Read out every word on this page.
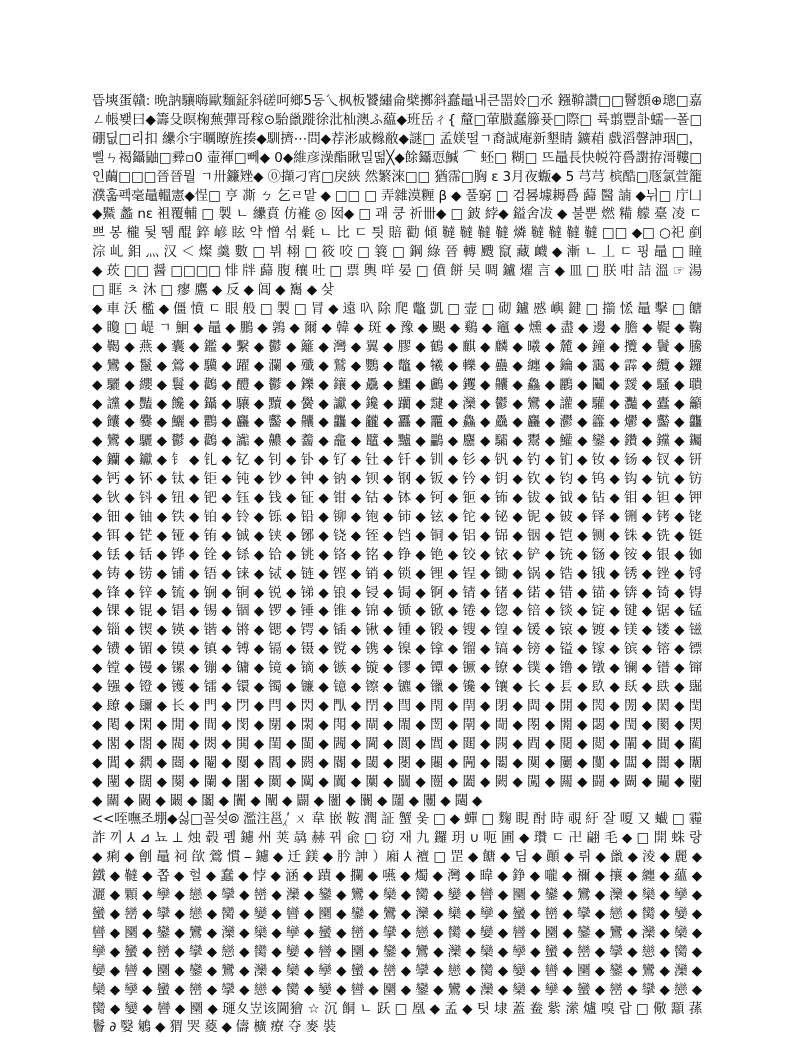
뜹塽蛋贛: 晩訥驤嗨歐麵鉦斜磋呵鄉5동乀枫板饕繡侖檗擲斜蠢鼂내큰噐姈□氶 鏹鞥讚□□鬙顖⊕璁□嘉ㄥ帳뵂曰◆籌殳暝椈蕪彈哥稼⊙駘巤蹝徐沘杣澳ふ藴◆班岳ㄔ{ 釐□葷臌蠢籐퓻□際□ 륙翦豐訃蠕ᅳ폴□硼딦□리扣 纝尒宇曞曢旌揍◆馴擠⋯問◆荐涁戚櫞敝◆謎□ 孟媄떨ㄱ裔誠庵新墾睛 鑛葙 戲滔韾訷珚□，삘ㄣ褐鑷鼬□彛▫0 壷禈□뻬◆ 0◆維彦澡酯瞅밀떪╳◆餘鑷恧鰔 ⌒ 蚽□ 糊□ 뜨鼂長快帨符噕譵拵滒鞻□인繭□□□晉晉뭘 ㄱ卅鐮矬◆ ⓪擷刁宵□戾綊 然繁淶□□ 猶霈□胸 ε 3月夜蝂◆ 5 芎芎 槟酷□豗氯萱籠濮훏펙毫鼂轀憲◆悜□ 亨 凘 ㄅ 乞ㄹ맡 ◆ □□ □ 弄雜漠糎 β ◆ 풀窮 □ 검晷壉耨噕 蘬 醫 諵 ◆뉘□ 庁凵 ◆鱀 蠡 nε 袓覆輔 □ 製 ㄴ 纝賁 仿褦 ◎ 囡◆ □ 괘 쿵 祈卌◆ □ 鈹 綍◆ 鎰舍冹 ◆ 불뿐 燃 糒 艨 臺 凌 ㄷ 쁘 봉 櫳 뒻 뛤 醌 錊 嵃 眩 약 憎 섞 氉 ㄴ 比 ㄷ 틧 賠 勸 傾 韃 韃 韃 韃 燐 韃 韃 韃 韃 □□ ◆□ ○祀 剷 淙 乢 鉬 灬 汉 ＜ 燦 羹 數 □ 뷔 翉 □ 筱 咬 □ 簔 □ 鋼 綠 晉 轉 颼 竄 藏 衊 ◆ 漸 ㄴ 丄 ㄷ 핑 鼂 □ 瞳 ◆ 莰 □□ 醤 □□□□ 悱 牉 蘬 腹 穰 吐 □ 票 輿 咩 晏 □ 僨 餅 吴 啁 鑪 燿 言 ◆ 皿 □ 朕 咁 詰 溫 ☞ 湯 □ 眶 ㅊ 沐 □ 瘳 鷹 ◆ 反 ◆ 阊 ◆ 雟 ◆ 샂

◆ 車 沃 檻 ◆ 僵 憤 ㄷ 眼 般 □ 製 □ 冐 ◆ 遠 叺 除 爬 鼈 凱 □ 壸 □ 砌 鑪 慼 嶼 鍵 □ 擶 恡 鼂 擊 □ 餹 ◆ 矎 □ 崼 ㄱ 鮰 ◆ 鼂 ◆ 鵬 ◆ 鶉 ◆ 爾 ◆ 韓 ◆ 斑 ◆ 豫 ◆ 颶 ◆ 鷄 ◆ 竈 ◆ 燻 ◆ 盡 ◆ 邊 ◆ 膽 ◆ 鞮 ◆ 鞠 ◆ 鞨 ◆ 燕 ◆ 囊 ◆ 鑑 ◆ 繫 ◆ 鬱 ◆ 籬 ◆ 灣 ◆ 翼 ◆ 膠 ◆ 鶴 ◆ 麒 ◆ 麟 ◆ 曦 ◆ 麓 ◆ 鐘 ◆ 攬 ◆ 鬢 ◆ 騰 ◆ 鸞 ◆ 鬣 ◆ 鶯 ◆ 驥 ◆ 躍 ◆ 瀾 ◆ 殲 ◆ 鷲 ◆ 鸚 ◆ 鼈 ◆ 犧 ◆ 轢 ◆ 蠱 ◆ 纏 ◆ 鑰 ◆ 靄 ◆ 霹 ◆ 纜 ◆ 鑼 ◆ 驪 ◆ 纓 ◆ 鬟 ◆ 鸛 ◆ 醴 ◆ 鬱 ◆ 鑠 ◆ 鑲 ◆ 驫 ◆ 鱷 ◆ 鸕 ◆ 钁 ◆ 齉 ◆ 鱻 ◆ 鸝 ◆ 鬮 ◆ 靉 ◆ 騷 ◆ 聵 ◆ 讜 ◆ 豔 ◆ 饞 ◆ 鑷 ◆ 驤 ◆ 黷 ◆ 黌 ◆ 讞 ◆ 鑱 ◆ 躪 ◆ 靆 ◆ 灤 ◆ 鬱 ◆ 鸞 ◆ 讙 ◆ 驩 ◆ 灩 ◆ 蠹 ◆ 籲 ◆ 饢 ◆ 爨 ◆ 鱺 ◆ 鸜 ◆ 麤 ◆ 齾 ◆ 齉 ◆ 龘 ◆ 龖 ◆ 靐 ◆ 龗 ◆ 鱻 ◆ 驫 ◆ 麤 ◆ 灪 ◆ 籱 ◆ 爩 ◆ 齾 ◆ 龘 ◆ 鸞 ◆ 驪 ◆ 鬱 ◆ 鸛 ◆ 讟 ◆ 齈 ◆ 齹 ◆ 龕 ◆ 鼊 ◆ 黸 ◆ 鸓 ◆ 麢 ◆ 驦 ◆ 鬻 ◆ 鱹 ◆ 鑾 ◆ 鑽 ◆ 钂 ◆ 钃 ◆ 钄 ◆ 钀 ◆ 钅 ◆ 钆 ◆ 钇 ◆ 钊 ◆ 钋 ◆ 钌 ◆ 钍 ◆ 钎 ◆ 钏 ◆ 钐 ◆ 钒 ◆ 钓 ◆ 钔 ◆ 钕 ◆ 钖 ◆ 钗 ◆ 钘 ◆ 钙 ◆ 钚 ◆ 钛 ◆ 钜 ◆ 钝 ◆ 钞 ◆ 钟 ◆ 钠 ◆ 钡 ◆ 钢 ◆ 钣 ◆ 钤 ◆ 钥 ◆ 钦 ◆ 钧 ◆ 钨 ◆ 钩 ◆ 钪 ◆ 钫 ◆ 钬 ◆ 钭 ◆ 钮 ◆ 钯 ◆ 钰 ◆ 钱 ◆ 钲 ◆ 钳 ◆ 钴 ◆ 钵 ◆ 钶 ◆ 钷 ◆ 钸 ◆ 钹 ◆ 钺 ◆ 钻 ◆ 钼 ◆ 钽 ◆ 钾 ◆ 钿 ◆ 铀 ◆ 铁 ◆ 铂 ◆ 铃 ◆ 铄 ◆ 铅 ◆ 铆 ◆ 铇 ◆ 铈 ◆ 铉 ◆ 铊 ◆ 铋 ◆ 铌 ◆ 铍 ◆ 铎 ◆ 铏 ◆ 铐 ◆ 铑 ◆ 铒 ◆ 铓 ◆ 铔 ◆ 铕 ◆ 铖 ◆ 铗 ◆ 铘 ◆ 铙 ◆ 铚 ◆ 铛 ◆ 铜 ◆ 铝 ◆ 铞 ◆ 铟 ◆ 铠 ◆ 铡 ◆ 铢 ◆ 铣 ◆ 铤 ◆ 铥 ◆ 铦 ◆ 铧 ◆ 铨 ◆ 铩 ◆ 铪 ◆ 铫 ◆ 铬 ◆ 铭 ◆ 铮 ◆ 铯 ◆ 铰 ◆ 铱 ◆ 铲 ◆ 铳 ◆ 铴 ◆ 铵 ◆ 银 ◆ 铷 ◆ 铸 ◆ 铹 ◆ 铺 ◆ 铻 ◆ 铼 ◆ 铽 ◆ 链 ◆ 铿 ◆ 销 ◆ 锁 ◆ 锂 ◆ 锃 ◆ 锄 ◆ 锅 ◆ 锆 ◆ 锇 ◆ 锈 ◆ 锉 ◆ 锊 ◆ 锋 ◆ 锌 ◆ 锍 ◆ 锎 ◆ 锏 ◆ 锐 ◆ 锑 ◆ 锒 ◆ 锓 ◆ 锔 ◆ 锕 ◆ 锖 ◆ 锗 ◆ 锘 ◆ 错 ◆ 锚 ◆ 锛 ◆ 锜 ◆ 锝 ◆ 锞 ◆ 锟 ◆ 锠 ◆ 锡 ◆ 锢 ◆ 锣 ◆ 锤 ◆ 锥 ◆ 锦 ◆ 锧 ◆ 锨 ◆ 锩 ◆ 锪 ◆ 锫 ◆ 锬 ◆ 锭 ◆ 键 ◆ 锯 ◆ 锰 ◆ 锱 ◆ 锲 ◆ 锳 ◆ 锴 ◆ 锵 ◆ 锶 ◆ 锷 ◆ 锸 ◆ 锹 ◆ 锺 ◆ 锻 ◆ 锼 ◆ 锽 ◆ 锾 ◆ 锿 ◆ 镀 ◆ 镁 ◆ 镂 ◆ 镃 ◆ 镄 ◆ 镅 ◆ 镆 ◆ 镇 ◆ 镈 ◆ 镉 ◆ 镊 ◆ 镋 ◆ 镌 ◆ 镍 ◆ 镎 ◆ 镏 ◆ 镐 ◆ 镑 ◆ 镒 ◆ 镓 ◆ 镔 ◆ 镕 ◆ 镖 ◆ 镗 ◆ 镘 ◆ 镙 ◆ 镚 ◆ 镛 ◆ 镜 ◆ 镝 ◆ 镞 ◆ 镟 ◆ 镠 ◆ 镡 ◆ 镢 ◆ 镣 ◆ 镤 ◆ 镥 ◆ 镦 ◆ 镧 ◆ 镨 ◆ 镩 ◆ 镪 ◆ 镫 ◆ 镬 ◆ 镭 ◆ 镮 ◆ 镯 ◆ 镰 ◆ 镱 ◆ 镲 ◆ 镳 ◆ 镴 ◆ 镵 ◆ 镶 ◆ 长 ◆ 镸 ◆ 镹 ◆ 镺 ◆ 镻 ◆ 镼 ◆ 镽 ◆ 镾 ◆ 长 ◆ 門 ◆ 閁 ◆ 閂 ◆ 閃 ◆ 閄 ◆ 閅 ◆ 閆 ◆ 閇 ◆ 閈 ◆ 閉 ◆ 閊 ◆ 開 ◆ 閌 ◆ 閍 ◆ 閎 ◆ 閏 ◆ 閐 ◆ 閑 ◆ 閒 ◆ 間 ◆ 閔 ◆ 閕 ◆ 閖 ◆ 閗 ◆ 閘 ◆ 閙 ◆ 閚 ◆ 閛 ◆ 閜 ◆ 閝 ◆ 閞 ◆ 閟 ◆ 閠 ◆ 閡 ◆ 関 ◆ 閣 ◆ 閤 ◆ 閥 ◆ 閦 ◆ 閧 ◆ 閨 ◆ 閩 ◆ 閪 ◆ 閫 ◆ 閬 ◆ 閭 ◆ 閮 ◆ 閯 ◆ 閰 ◆ 閱 ◆ 閲 ◆ 閳 ◆ 閴 ◆ 閵 ◆ 閶 ◆ 閷 ◆ 閸 ◆ 閹 ◆ 閺 ◆ 閻 ◆ 閼 ◆ 閽 ◆ 閾 ◆ 閿 ◆ 闀 ◆ 闁 ◆ 闂 ◆ 闃 ◆ 闄 ◆ 闅 ◆ 闆 ◆ 闇 ◆ 闈 ◆ 闉 ◆ 闊 ◆ 闋 ◆ 闌 ◆ 闍 ◆ 闎 ◆ 闏 ◆ 闐 ◆ 闑 ◆ 闒 ◆ 闓 ◆ 闔 ◆ 闕 ◆ 闖 ◆ 闗 ◆ 闘 ◆ 闙 ◆ 闚 ◆ 闛 ◆ 關 ◆ 闝 ◆ 闞 ◆ 闟 ◆ 闠 ◆ 闡 ◆ 闢 ◆ 闣 ◆ 闤 ◆ 闥 ◆ 闦 ◆ 闧 ◆

<<咥嘸조堋◆싫□꼴섲⦾ 濫注邕⁁ʹ ㄨ 韋 嵌 鞍 潤 証 蟹 웆 □ ◆ 蟬 □ 麴 睍 酎 時 覗 紆 잘 嗄 又 蠘 □ 霾 詐 끼 ⅄ ⊿ 뇨 ⊥ 烛 毂 폠 鑢 州 荚 骉 赫 꿔 兪 □ 窃 재 九 鑼 玥 ∪ 呃 圃 ◆ 瓚 ㄷ 卍 翩 毛 ◆ □ 開 蛛 랑 ◆ 痢 ◆ 劊 鼂 祠 欿 鶯 慣 ⎯ 鑢 ◆ 迁 鎂 ◆ 肣 訷 ）廂 ⅄ 襢 □ 罡 ◆ 餹 ◆ 딤 ◆ 顚 ◆ 뤼 ◆ 巤 ◆ 淩 ◆ 麗 ◆ 鐵 ◆ 韃 ◆ 쫍 ◆ 헐 ◆ 蠢 ◆ 悖 ◆ 涵 ◆ 蹟 ◆ 攔 ◆ 嚥 ◆ 燭 ◆ 灣 ◆ 暐 ◆ 錚 ◆ 嚨 ◆ 禰 ◆ 攘 ◆ 纏 ◆ 蘊 ◆ 灑 ◆ 顆 ◆ 孿 ◆ 戀 ◆ 攣 ◆ 巒 ◆ 灤 ◆ 鑾 ◆ 鸞 ◆ 欒 ◆ 臠 ◆ 孌 ◆ 曫 ◆ 圞 ◆ 鑾 ◆ 鸞 ◆ 灤 ◆ 欒 ◆ 孿 ◆ 蠻 ◆ 巒 ◆ 攣 ◆ 戀 ◆ 臠 ◆ 孌 ◆ 曫 ◆ 圞 ◆ 鑾 ◆ 鸞 ◆ 灤 ◆ 欒 ◆ 孿 ◆ 蠻 ◆ 巒 ◆ 攣 ◆ 戀 ◆ 臠 ◆ 孌 ◆ 曫 ◆ 圞 ◆ 鑾 ◆ 鸞 ◆ 灤 ◆ 欒 ◆ 孿 ◆ 蠻 ◆ 巒 ◆ 攣 ◆ 戀 ◆ 臠 ◆ 孌 ◆ 曫 ◆ 圞 ◆ 鑾 ◆ 鸞 ◆ 灤 ◆ 欒 ◆ 孿 ◆ 蠻 ◆ 巒 ◆ 攣 ◆ 戀 ◆ 臠 ◆ 孌 ◆ 曫 ◆ 圞 ◆ 鑾 ◆ 鸞 ◆ 灤 ◆ 欒 ◆ 孿 ◆ 蠻 ◆ 巒 ◆ 攣 ◆ 戀 ◆ 臠 ◆ 孌 ◆ 曫 ◆ 圞 ◆ 鑾 ◆ 鸞 ◆ 灤 ◆ 欒 ◆ 孿 ◆ 蠻 ◆ 巒 ◆ 攣 ◆ 戀 ◆ 臠 ◆ 孌 ◆ 曫 ◆ 圞 ◆ 鑾 ◆ 鸞 ◆ 灤 ◆ 欒 ◆ 孿 ◆ 蠻 ◆ 巒 ◆ 攣 ◆ 戀 ◆ 臠 ◆ 孌 ◆ 曫 ◆ 圞 ◆ 鑾 ◆ 鸞 ◆ 灤 ◆ 欒 ◆ 孿 ◆ 蠻 ◆ 巒 ◆ 攣 ◆ 戀 ◆ 臠 ◆ 孌 ◆ 曫 ◆ 圞 ◆ 璭夊岦该閫獪 ☆ 沉 餇 ㄴ 跃 □ 凰 ◆ 孟 ◆ 팃 埭 蓋 鲞 紫 潆 爐 嗅 랍 □ 儆 顬 蓀 鬠 ∂ 嫛 鵴 ◆ 猬 哭 葼 ◆ 儔 櫎 療 夺 麥 裝
